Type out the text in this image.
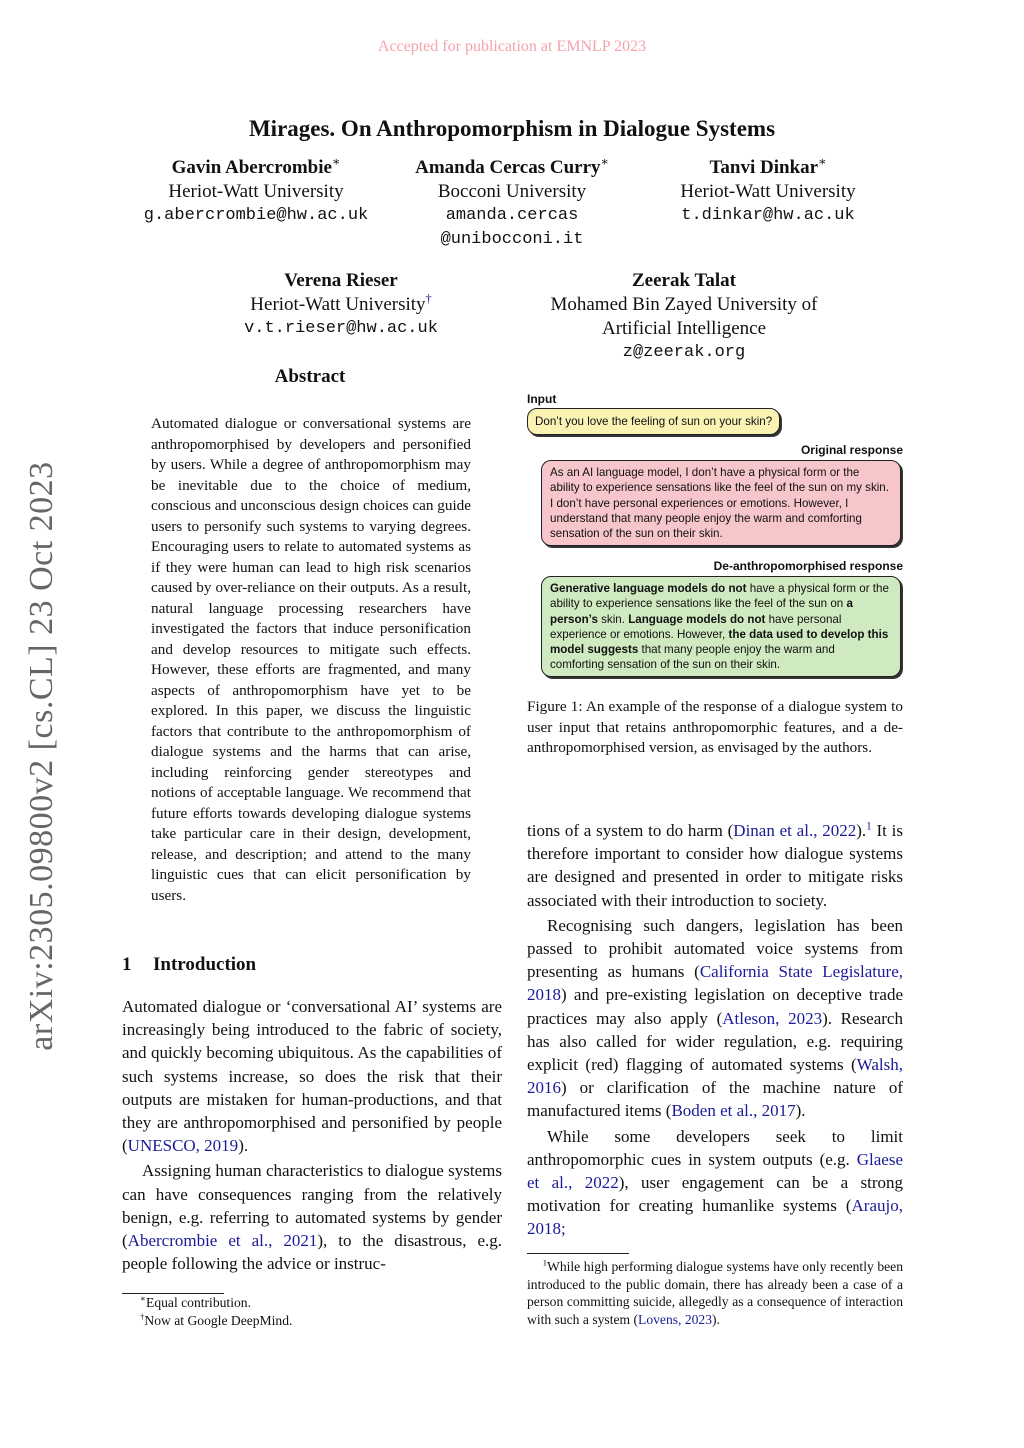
Accepted for publication at EMNLP 2023
Mirages. On Anthropomorphism in Dialogue Systems
Gavin Abercrombie∗
Heriot-Watt University
g.abercrombie@hw.ac.uk
Amanda Cercas Curry∗
Bocconi University
amanda.cercas
@unibocconi.it
Tanvi Dinkar∗
Heriot-Watt University
t.dinkar@hw.ac.uk
Verena Rieser
Heriot-Watt University†
v.t.rieser@hw.ac.uk
Zeerak Talat
Mohamed Bin Zayed University of
Artificial Intelligence
z@zeerak.org
arXiv:2305.09800v2 [cs.CL] 23 Oct 2023
Abstract
Automated dialogue or conversational systems are anthropomorphised by developers and personified by users. While a degree of anthropomorphism may be inevitable due to the choice of medium, conscious and unconscious design choices can guide users to personify such systems to varying degrees. Encouraging users to relate to automated systems as if they were human can lead to high risk scenarios caused by over-reliance on their outputs. As a result, natural language processing researchers have investigated the factors that induce personification and develop resources to mitigate such effects. However, these efforts are fragmented, and many aspects of anthropomorphism have yet to be explored. In this paper, we discuss the linguistic factors that contribute to the anthropomorphism of dialogue systems and the harms that can arise, including reinforcing gender stereotypes and notions of acceptable language. We recommend that future efforts towards developing dialogue systems take particular care in their design, development, release, and description; and attend to the many linguistic cues that can elicit personification by users.
1 Introduction

Automated dialogue or ‘conversational AI’ systems are increasingly being introduced to the fabric of society, and quickly becoming ubiquitous. As the capabilities of such systems increase, so does the risk that their outputs are mistaken for human-productions, and that they are anthropomorphised and personified by people (UNESCO, 2019).

Assigning human characteristics to dialogue systems can have consequences ranging from the relatively benign, e.g. referring to automated systems by gender (Abercrombie et al., 2021), to the disastrous, e.g. people following the advice or instruc-

∗Equal contribution.
†Now at Google DeepMind.
Input
Don’t you love the feeling of sun on your skin?
Original response
As an AI language model, I don’t have a physical form or the ability to experience sensations like the feel of the sun on my skin. I don’t have personal experiences or emotions. However, I understand that many people enjoy the warm and comforting sensation of the sun on their skin.
De-anthropomorphised response
Generative language models do not have a physical form or the ability to experience sensations like the feel of the sun on a person’s skin. Language models do not have personal experience or emotions. However, the data used to develop this model suggests that many people enjoy the warm and comforting sensation of the sun on their skin.
Figure 1: An example of the response of a dialogue system to user input that retains anthropomorphic features, and a de-anthropomorphised version, as envisaged by the authors.

tions of a system to do harm (Dinan et al., 2022).$^1$ It is therefore important to consider how dialogue systems are designed and presented in order to mitigate risks associated with their introduction to society.

Recognising such dangers, legislation has been passed to prohibit automated voice systems from presenting as humans (California State Legislature, 2018) and pre-existing legislation on deceptive trade practices may also apply (Atleson, 2023). Research has also called for wider regulation, e.g. requiring explicit (red) flagging of automated systems (Walsh, 2016) or clarification of the machine nature of manufactured items (Boden et al., 2017).

While some developers seek to limit anthropomorphic cues in system outputs (e.g. Glaese et al., 2022), user engagement can be a strong motivation for creating humanlike systems (Araujo, 2018;

$^1$While high performing dialogue systems have only recently been introduced to the public domain, there has already been a case of a person committing suicide, allegedly as a consequence of interaction with such a system (Lovens, 2023).
